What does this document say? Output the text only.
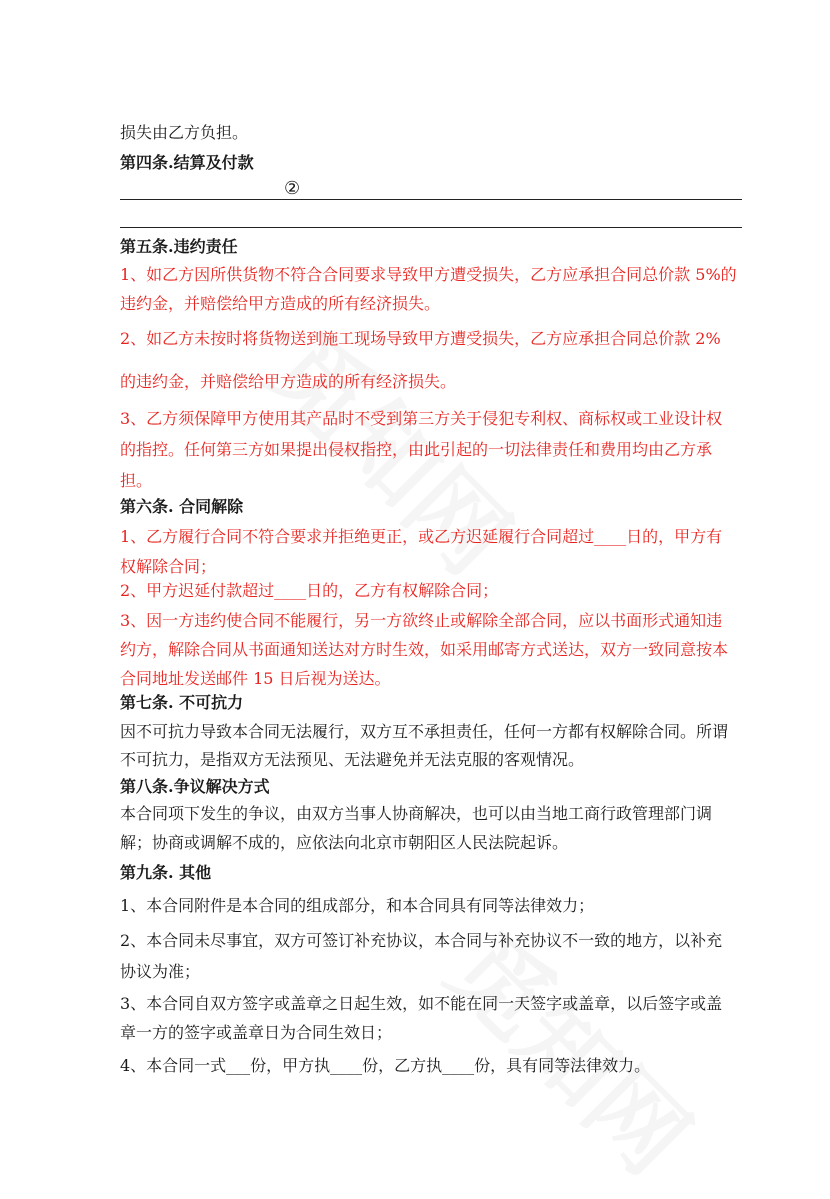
损失由乙方负担。

第四条.结算及付款

②

第五条.违约责任

1、如乙方因所供货物不符合合同要求导致甲方遭受损失，乙方应承担合同总价款 5%的

违约金，并赔偿给甲方造成的所有经济损失。

2、如乙方未按时将货物送到施工现场导致甲方遭受损失，乙方应承担合同总价款 2%

的违约金，并赔偿给甲方造成的所有经济损失。

3、乙方须保障甲方使用其产品时不受到第三方关于侵犯专利权、商标权或工业设计权

的指控。任何第三方如果提出侵权指控，由此引起的一切法律责任和费用均由乙方承

担。

第六条. 合同解除

1、乙方履行合同不符合要求并拒绝更正，或乙方迟延履行合同超过____日的，甲方有

权解除合同；

2、甲方迟延付款超过____日的，乙方有权解除合同；

3、因一方违约使合同不能履行，另一方欲终止或解除全部合同，应以书面形式通知违

约方，解除合同从书面通知送达对方时生效，如采用邮寄方式送达，双方一致同意按本

合同地址发送邮件 15 日后视为送达。

第七条. 不可抗力

因不可抗力导致本合同无法履行，双方互不承担责任，任何一方都有权解除合同。所谓

不可抗力，是指双方无法预见、无法避免并无法克服的客观情况。

第八条.争议解决方式

本合同项下发生的争议，由双方当事人协商解决，也可以由当地工商行政管理部门调

解；协商或调解不成的，应依法向北京市朝阳区人民法院起诉。

第九条. 其他

1、本合同附件是本合同的组成部分，和本合同具有同等法律效力；

2、本合同未尽事宜，双方可签订补充协议，本合同与补充协议不一致的地方，以补充

协议为准；

3、本合同自双方签字或盖章之日起生效，如不能在同一天签字或盖章，以后签字或盖

章一方的签字或盖章日为合同生效日；

4、本合同一式___份，甲方执____份，乙方执____份，具有同等法律效力。
